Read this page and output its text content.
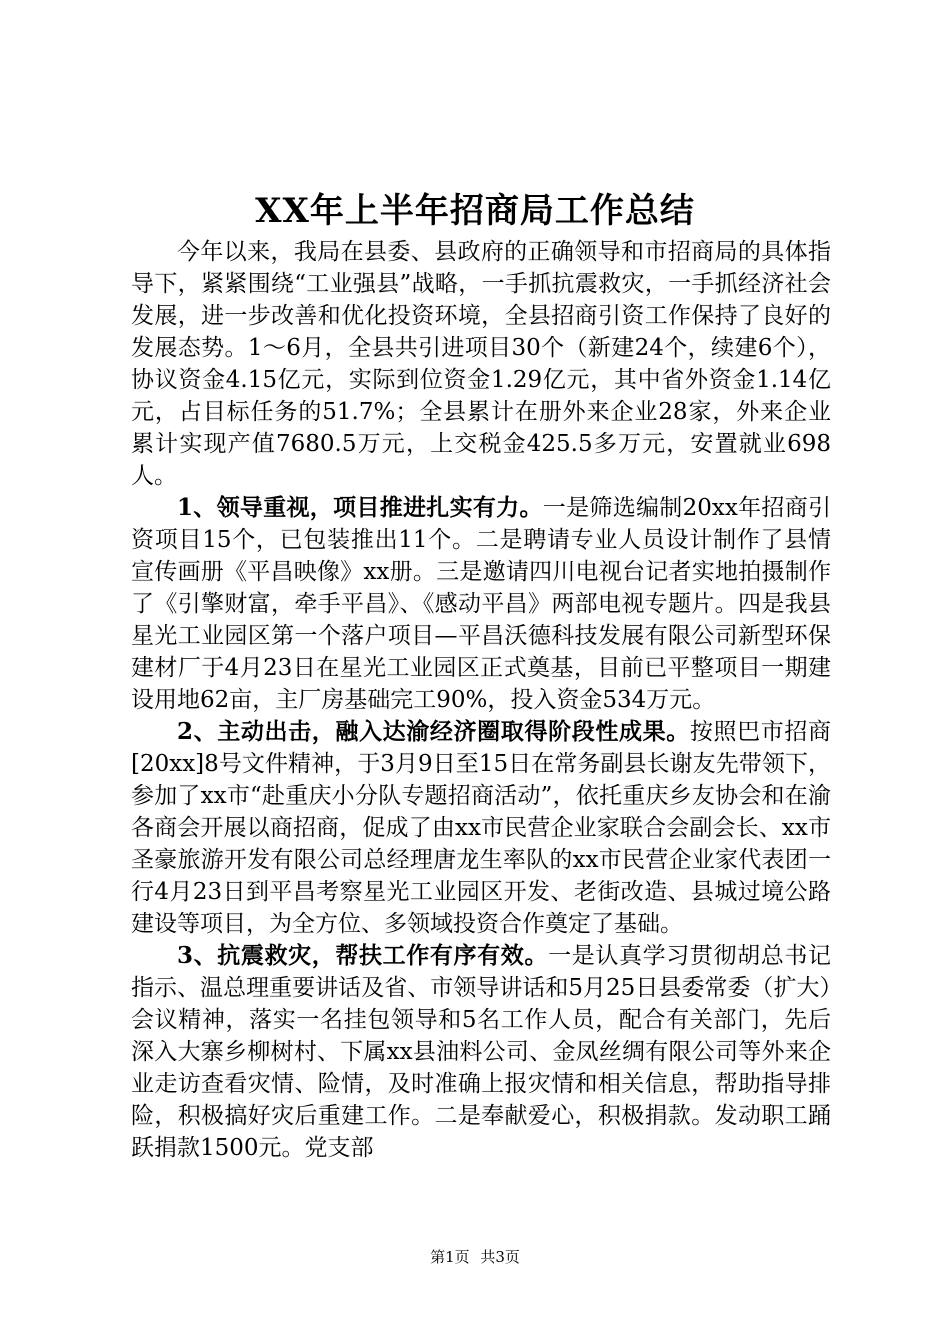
XX年上半年招商局工作总结

今年以来，我局在县委、县政府的正确领导和市招商局的具体指导下，紧紧围绕“工业强县”战略，一手抓抗震救灾，一手抓经济社会发展，进一步改善和优化投资环境，全县招商引资工作保持了良好的发展态势。1～6月，全县共引进项目30个（新建24个，续建6个），协议资金4.15亿元，实际到位资金1.29亿元，其中省外资金1.14亿元，占目标任务的51.7%；全县累计在册外来企业28家，外来企业累计实现产值7680.5万元，上交税金425.5多万元，安置就业698人。

1、领导重视，项目推进扎实有力。一是筛选编制20xx年招商引资项目15个，已包装推出11个。二是聘请专业人员设计制作了县情宣传画册《平昌映像》xx册。三是邀请四川电视台记者实地拍摄制作了《引擎财富，牵手平昌》、《感动平昌》两部电视专题片。四是我县星光工业园区第一个落户项目—平昌沃德科技发展有限公司新型环保建材厂于4月23日在星光工业园区正式奠基，目前已平整项目一期建设用地62亩，主厂房基础完工90%，投入资金534万元。

2、主动出击，融入达渝经济圈取得阶段性成果。按照巴市招商[20xx]8号文件精神，于3月9日至15日在常务副县长谢友先带领下，参加了xx市“赴重庆小分队专题招商活动”，依托重庆乡友协会和在渝各商会开展以商招商，促成了由xx市民营企业家联合会副会长、xx市圣豪旅游开发有限公司总经理唐龙生率队的xx市民营企业家代表团一行4月23日到平昌考察星光工业园区开发、老街改造、县城过境公路建设等项目，为全方位、多领域投资合作奠定了基础。

3、抗震救灾，帮扶工作有序有效。一是认真学习贯彻胡总书记指示、温总理重要讲话及省、市领导讲话和5月25日县委常委（扩大）会议精神，落实一名挂包领导和5名工作人员，配合有关部门，先后深入大寨乡柳树村、下属xx县油料公司、金凤丝绸有限公司等外来企业走访查看灾情、险情，及时准确上报灾情和相关信息，帮助指导排险，积极搞好灾后重建工作。二是奉献爱心，积极捐款。发动职工踊跃捐款1500元。党支部

第1页 共3页
